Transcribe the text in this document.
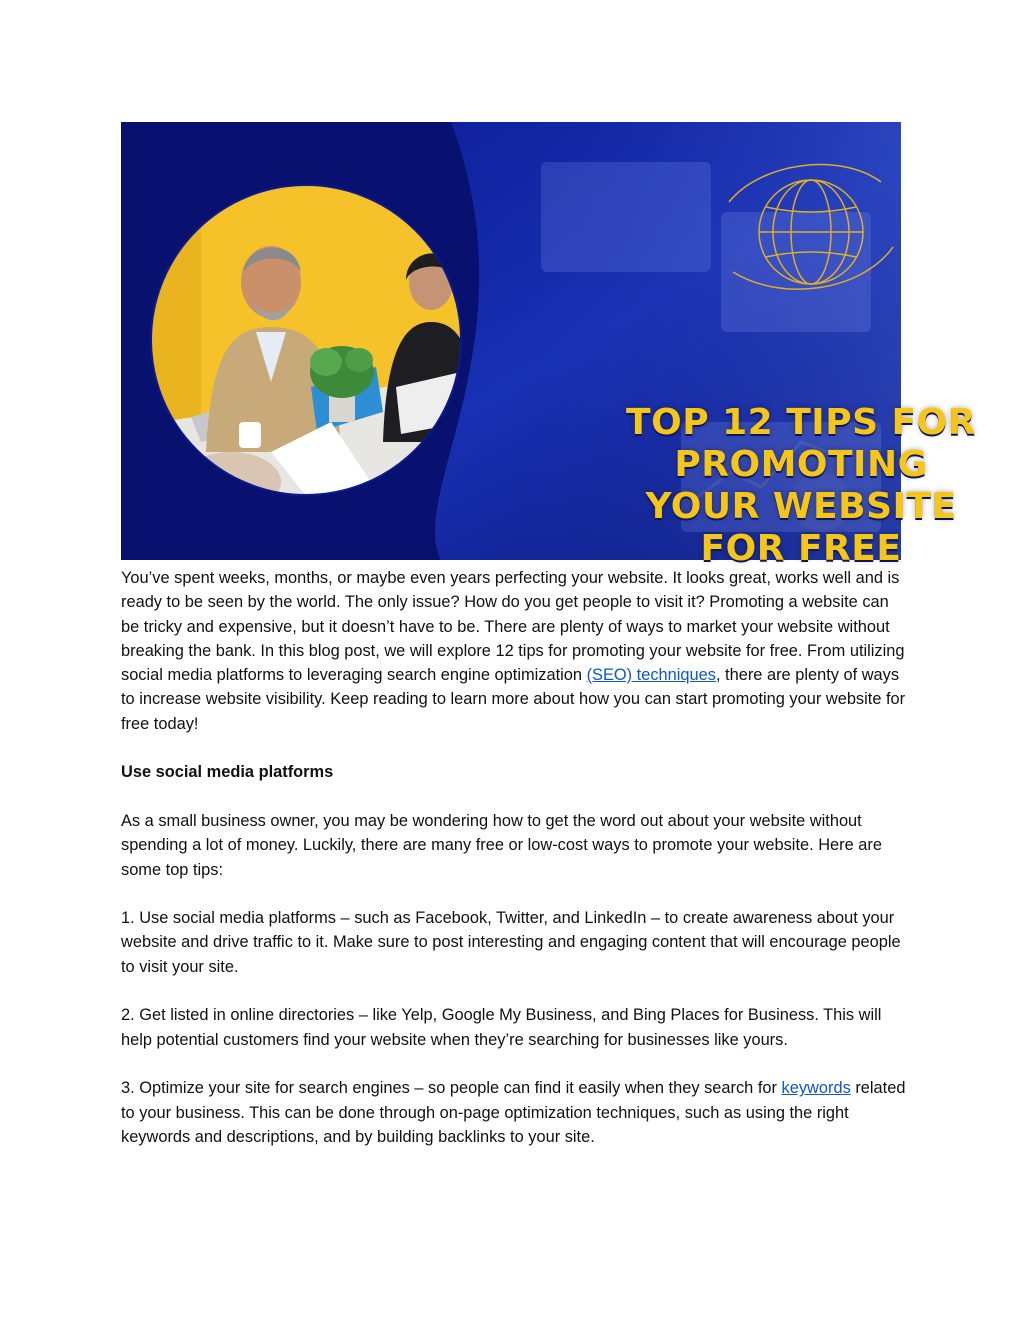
TOP 12 TIPS FOR
PROMOTING
YOUR WEBSITE
FOR FREE

You’ve spent weeks, months, or maybe even years perfecting your website. It looks great, works well and is ready to be seen by the world. The only issue? How do you get people to visit it? Promoting a website can be tricky and expensive, but it doesn’t have to be. There are plenty of ways to market your website without breaking the bank. In this blog post, we will explore 12 tips for promoting your website for free. From utilizing social media platforms to leveraging search engine optimization (SEO) techniques, there are plenty of ways to increase website visibility. Keep reading to learn more about how you can start promoting your website for free today!

Use social media platforms

As a small business owner, you may be wondering how to get the word out about your website without spending a lot of money. Luckily, there are many free or low-cost ways to promote your website. Here are some top tips:

1. Use social media platforms – such as Facebook, Twitter, and LinkedIn – to create awareness about your website and drive traffic to it. Make sure to post interesting and engaging content that will encourage people to visit your site.

2. Get listed in online directories – like Yelp, Google My Business, and Bing Places for Business. This will help potential customers find your website when they’re searching for businesses like yours.

3. Optimize your site for search engines – so people can find it easily when they search for keywords related to your business. This can be done through on-page optimization techniques, such as using the right keywords and descriptions, and by building backlinks to your site.
